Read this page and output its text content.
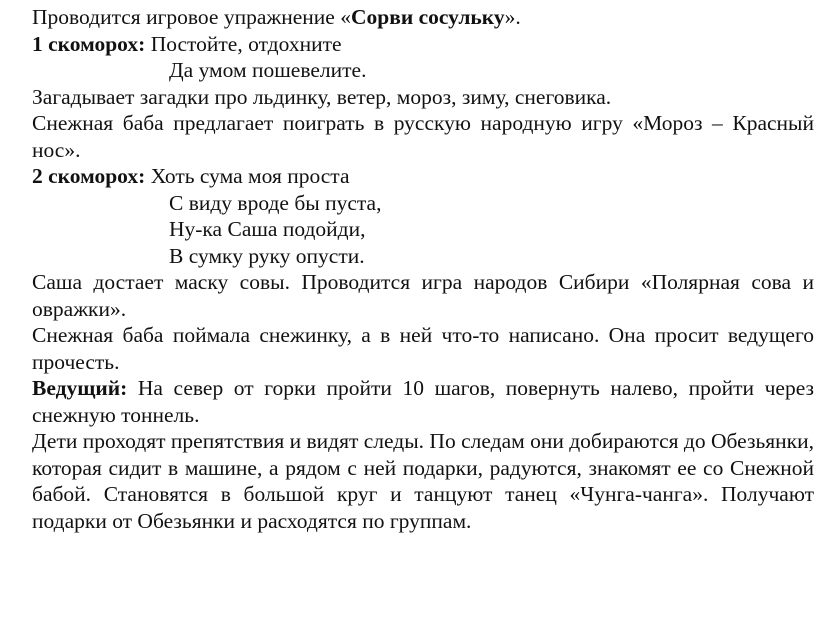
Проводится игровое упражнение «Сорви сосульку».
1 скоморох: Постойте, отдохните
Да умом пошевелите.
Загадывает загадки про льдинку, ветер, мороз, зиму, снеговика.
Снежная баба предлагает поиграть в русскую народную игру «Мороз – Красный нос».
2 скоморох: Хоть сума моя проста
С виду вроде бы пуста,
Ну-ка Саша подойди,
В сумку руку опусти.
Саша достает маску совы. Проводится игра народов Сибири «Полярная сова и овражки».
Снежная баба поймала снежинку, а в ней что-то написано. Она просит ведущего прочесть.
Ведущий: На север от горки пройти 10 шагов, повернуть налево, пройти через снежную тоннель.
Дети проходят препятствия и видят следы. По следам они добираются до Обезьянки, которая сидит в машине, а рядом с ней подарки, радуются, знакомят ее со Снежной бабой. Становятся в большой круг и танцуют танец «Чунга-чанга». Получают подарки от Обезьянки и расходятся по группам.
